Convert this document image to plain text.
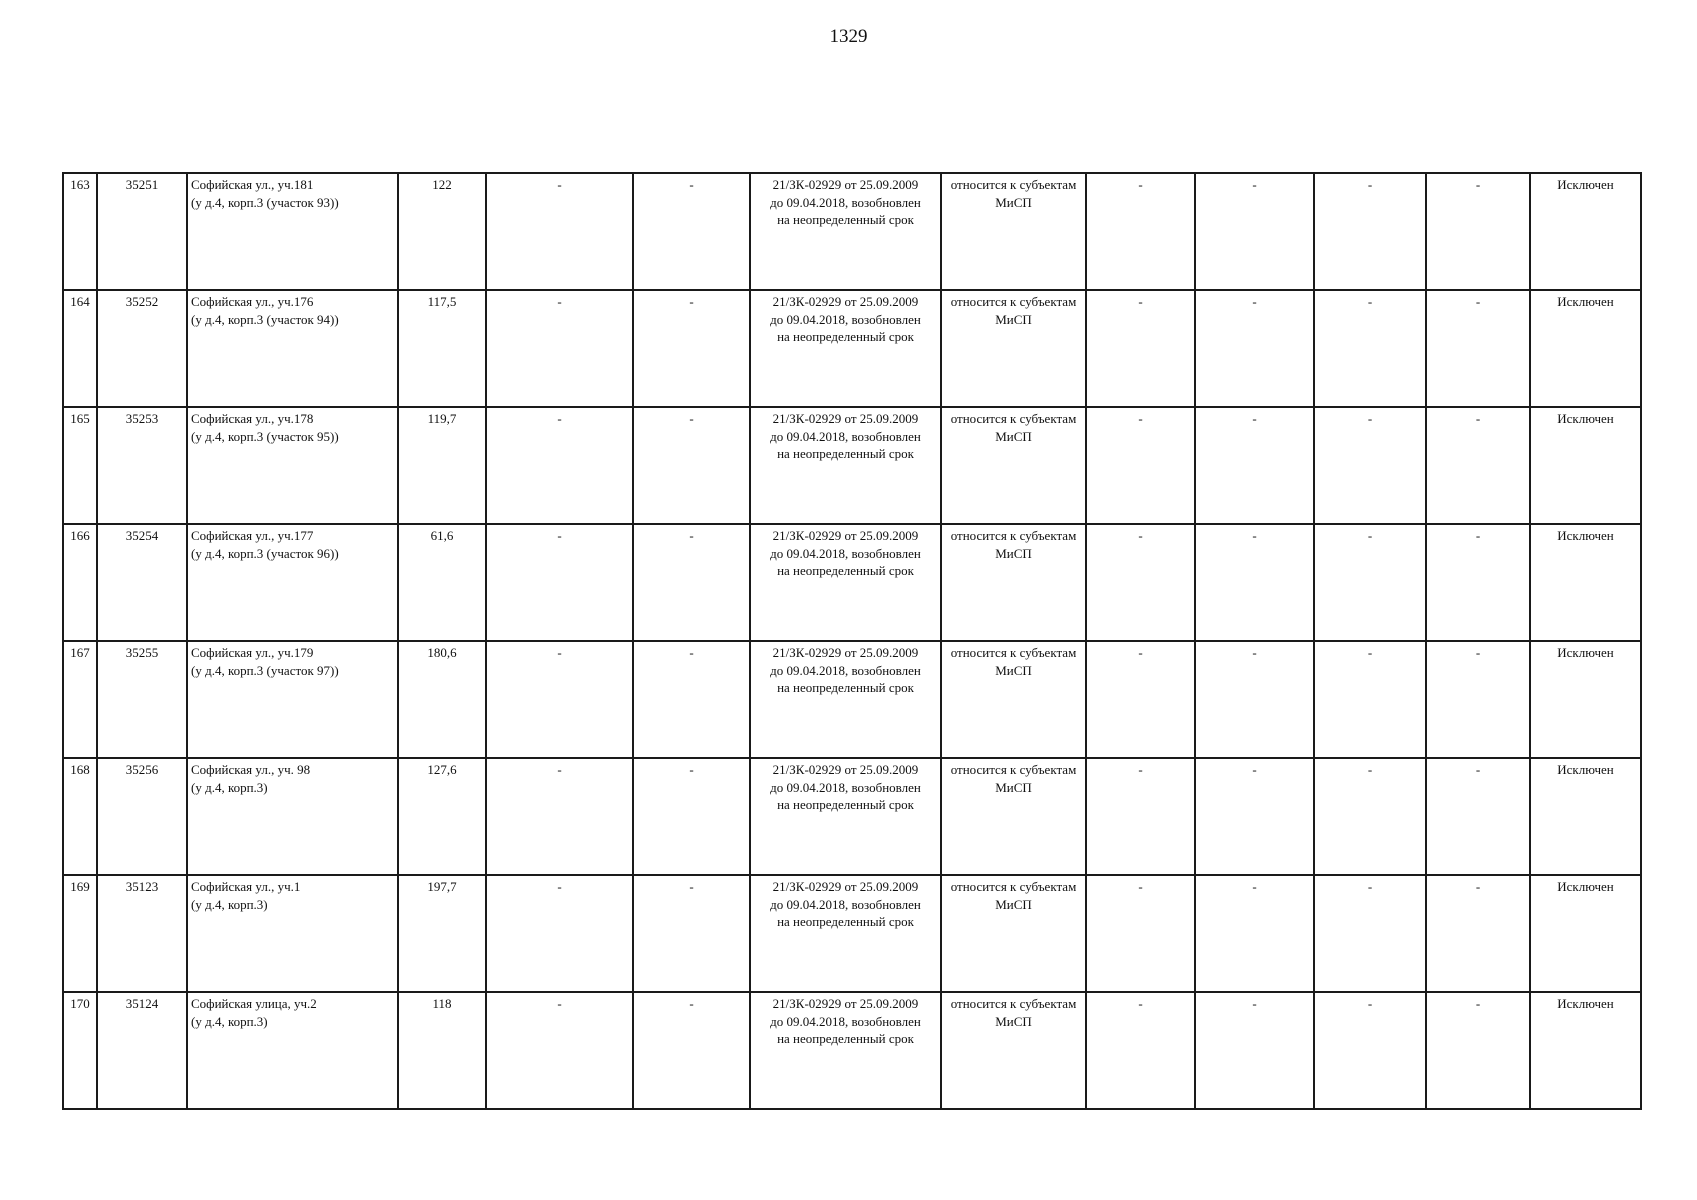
1329
163	35251	Софийская ул., уч.181
(у д.4, корп.3 (участок 93))	122	-	-	21/ЗК-02929 от 25.09.2009
до 09.04.2018, возобновлен
на неопределенный срок	относится к субъектам
МиСП	-	-	-	-	Исключен

164	35252	Софийская ул., уч.176
(у д.4, корп.3 (участок 94))	117,5	-	-	21/ЗК-02929 от 25.09.2009
до 09.04.2018, возобновлен
на неопределенный срок	относится к субъектам
МиСП	-	-	-	-	Исключен

165	35253	Софийская ул., уч.178
(у д.4, корп.3 (участок 95))	119,7	-	-	21/ЗК-02929 от 25.09.2009
до 09.04.2018, возобновлен
на неопределенный срок	относится к субъектам
МиСП	-	-	-	-	Исключен

166	35254	Софийская ул., уч.177
(у д.4, корп.3 (участок 96))	61,6	-	-	21/ЗК-02929 от 25.09.2009
до 09.04.2018, возобновлен
на неопределенный срок	относится к субъектам
МиСП	-	-	-	-	Исключен

167	35255	Софийская ул., уч.179
(у д.4, корп.3 (участок 97))	180,6	-	-	21/ЗК-02929 от 25.09.2009
до 09.04.2018, возобновлен
на неопределенный срок	относится к субъектам
МиСП	-	-	-	-	Исключен

168	35256	Софийская ул., уч. 98
(у д.4, корп.3)	127,6	-	-	21/ЗК-02929 от 25.09.2009
до 09.04.2018, возобновлен
на неопределенный срок	относится к субъектам
МиСП	-	-	-	-	Исключен

169	35123	Софийская ул., уч.1
(у д.4, корп.3)	197,7	-	-	21/ЗК-02929 от 25.09.2009
до 09.04.2018, возобновлен
на неопределенный срок	относится к субъектам
МиСП	-	-	-	-	Исключен

170	35124	Софийская улица, уч.2
(у д.4, корп.3)	118	-	-	21/ЗК-02929 от 25.09.2009
до 09.04.2018, возобновлен
на неопределенный срок	относится к субъектам
МиСП	-	-	-	-	Исключен
